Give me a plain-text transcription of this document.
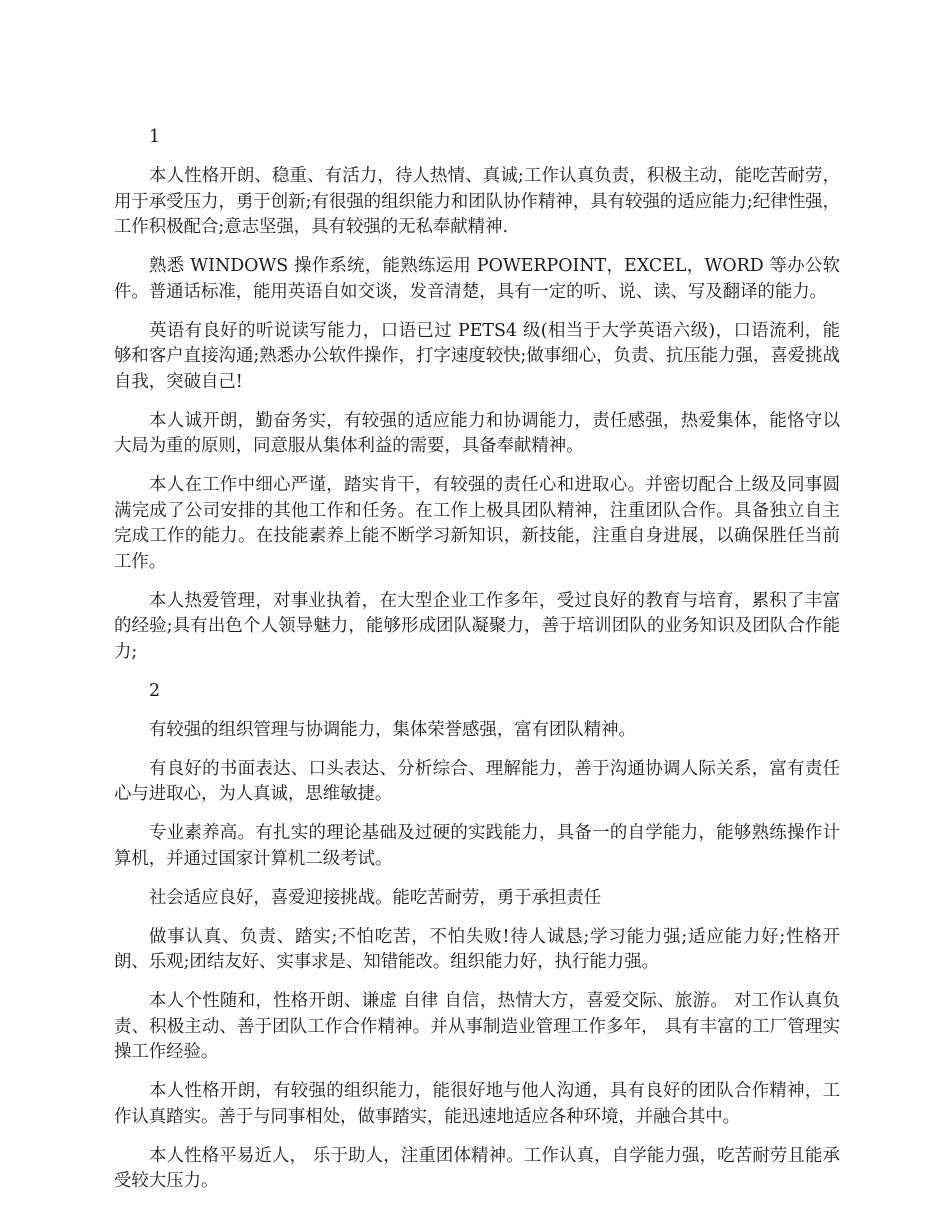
1

本人性格开朗、稳重、有活力，待人热情、真诚;工作认真负责，积极主动，能吃苦耐劳，用于承受压力，勇于创新;有很强的组织能力和团队协作精神，具有较强的适应能力;纪律性强，工作积极配合;意志坚强，具有较强的无私奉献精神.

熟悉 WINDOWS 操作系统，能熟练运用 POWERPOINT，EXCEL，WORD 等办公软件。普通话标准，能用英语自如交谈，发音清楚，具有一定的听、说、读、写及翻译的能力。

英语有良好的听说读写能力，口语已过 PETS4 级(相当于大学英语六级)，口语流利，能够和客户直接沟通;熟悉办公软件操作，打字速度较快;做事细心，负责、抗压能力强，喜爱挑战自我，突破自己!

本人诚开朗，勤奋务实，有较强的适应能力和协调能力，责任感强，热爱集体，能恪守以大局为重的原则，同意服从集体利益的需要，具备奉献精神。

本人在工作中细心严谨，踏实肯干，有较强的责任心和进取心。并密切配合上级及同事圆满完成了公司安排的其他工作和任务。在工作上极具团队精神，注重团队合作。具备独立自主完成工作的能力。在技能素养上能不断学习新知识，新技能，注重自身进展，以确保胜任当前工作。

本人热爱管理，对事业执着，在大型企业工作多年，受过良好的教育与培育，累积了丰富的经验;具有出色个人领导魅力，能够形成团队凝聚力，善于培训团队的业务知识及团队合作能力;

2

有较强的组织管理与协调能力，集体荣誉感强，富有团队精神。

有良好的书面表达、口头表达、分析综合、理解能力，善于沟通协调人际关系，富有责任心与进取心，为人真诚，思维敏捷。

专业素养高。有扎实的理论基础及过硬的实践能力，具备一的自学能力，能够熟练操作计算机，并通过国家计算机二级考试。

社会适应良好，喜爱迎接挑战。能吃苦耐劳，勇于承担责任

做事认真、负责、踏实;不怕吃苦，不怕失败!待人诚恳;学习能力强;适应能力好;性格开朗、乐观;团结友好、实事求是、知错能改。组织能力好，执行能力强。

本人个性随和，性格开朗、谦虚 自律 自信，热情大方，喜爱交际、旅游。 对工作认真负责、积极主动、善于团队工作合作精神。并从事制造业管理工作多年， 具有丰富的工厂管理实操工作经验。

本人性格开朗，有较强的组织能力，能很好地与他人沟通，具有良好的团队合作精神，工作认真踏实。善于与同事相处，做事踏实，能迅速地适应各种环境，并融合其中。

本人性格平易近人， 乐于助人，注重团体精神。工作认真，自学能力强，吃苦耐劳且能承受较大压力。
